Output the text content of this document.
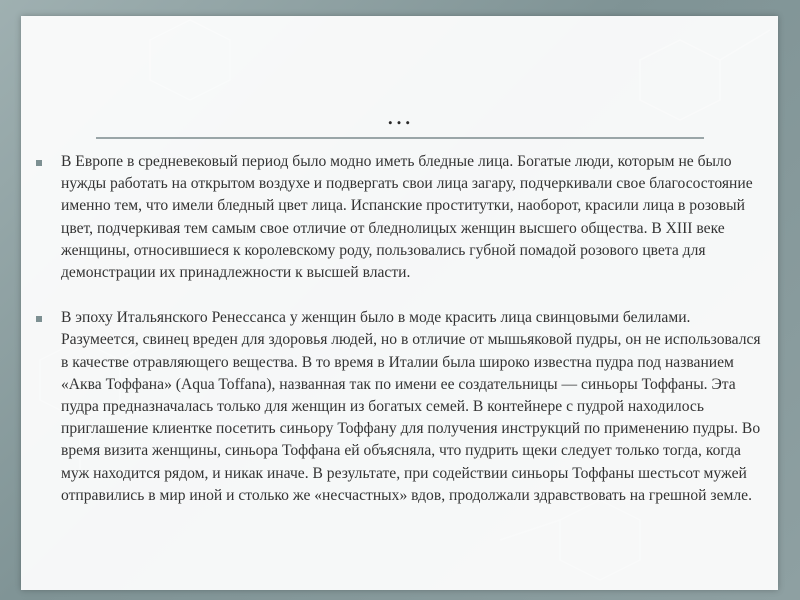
…

В Европе в средневековый период было модно иметь бледные лица. Богатые люди, которым не было нужды работать на открытом воздухе и подвергать свои лица загару, подчеркивали свое благосостояние именно тем, что имели бледный цвет лица. Испанские проститутки, наоборот, красили лица в розовый цвет, подчеркивая тем самым свое отличие от бледнолицых женщин высшего общества. В XIII веке женщины, относившиеся к королевскому роду, пользовались губной помадой розового цвета для демонстрации их принадлежности к высшей власти.

В эпоху Итальянского Ренессанса у женщин было в моде красить лица свинцовыми белилами. Разумеется, свинец вреден для здоровья людей, но в отличие от мышьяковой пудры, он не использовался в качестве отравляющего вещества. В то время в Италии была широко известна пудра под названием «Аква Тоффана» (Aqua Toffana), названная так по имени ее создательницы — синьоры Тоффаны. Эта пудра предназначалась только для женщин из богатых семей. В контейнере с пудрой находилось приглашение клиентке посетить синьору Тоффану для получения инструкций по применению пудры. Во время визита женщины, синьора Тоффана ей объясняла, что пудрить щеки следует только тогда, когда муж находится рядом, и никак иначе. В результате, при содействии синьоры Тоффаны шестьсот мужей отправились в мир иной и столько же «несчастных» вдов, продолжали здравствовать на грешной земле.
